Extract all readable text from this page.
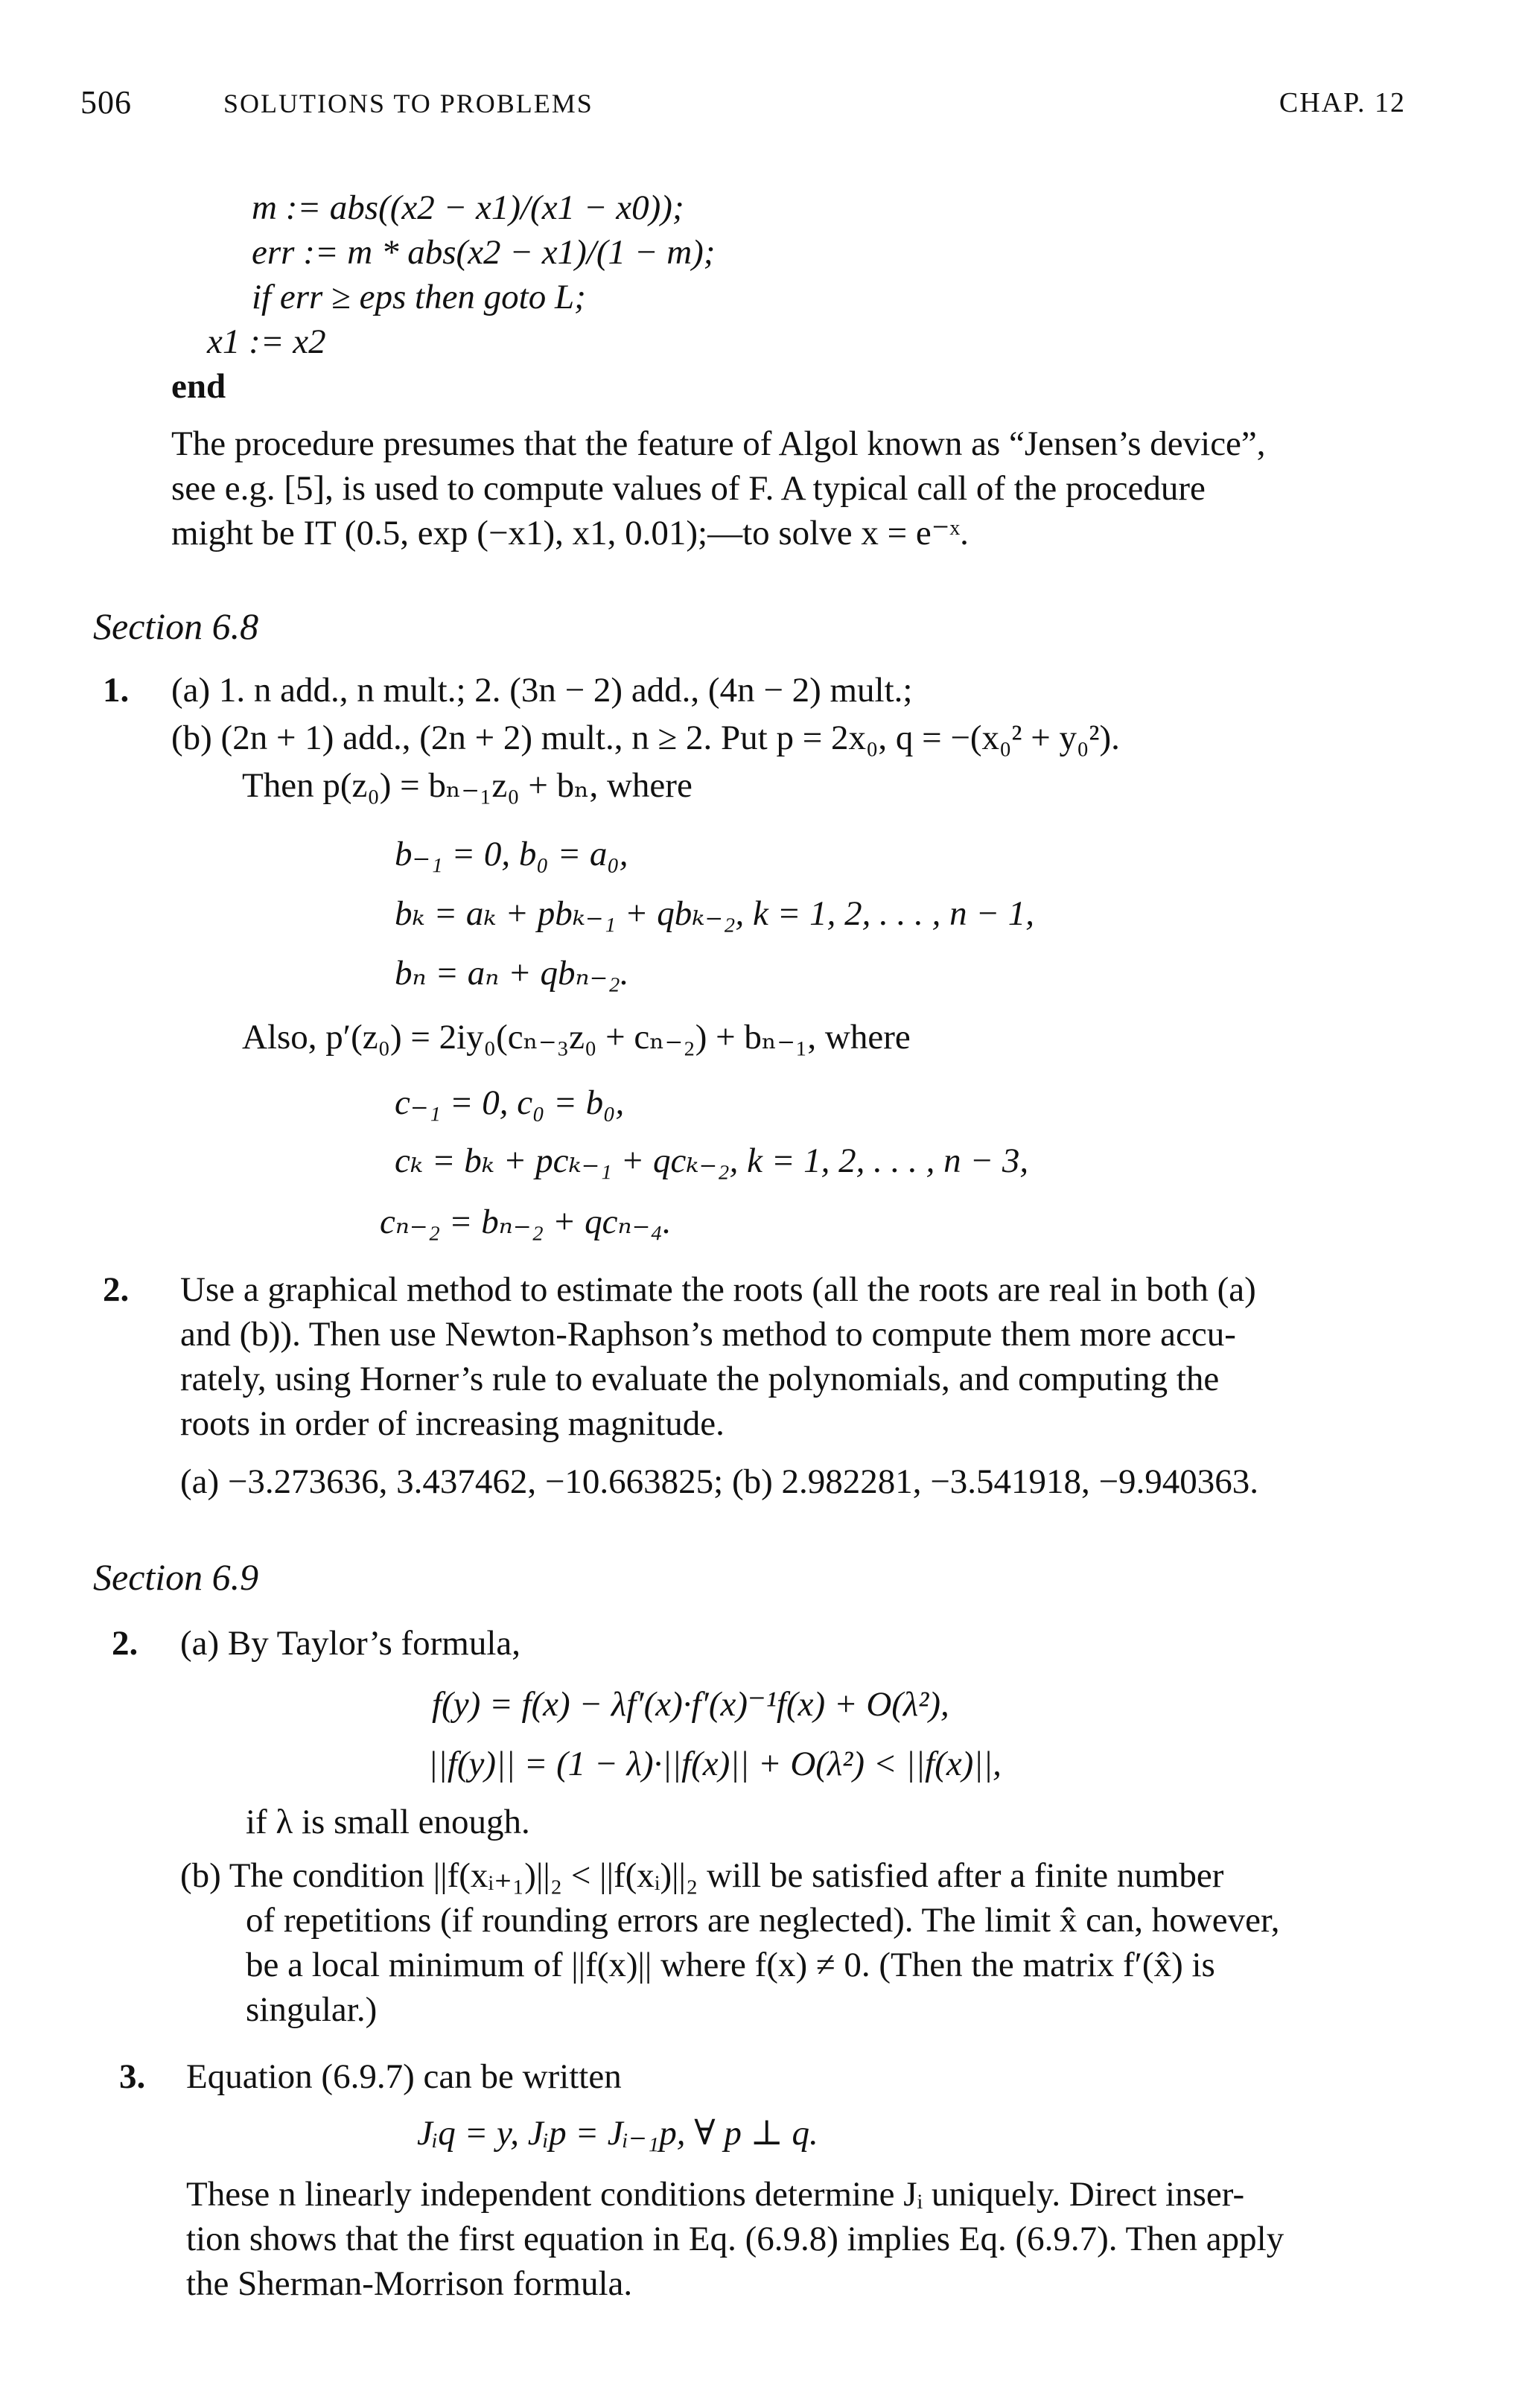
506	SOLUTIONS TO PROBLEMS	CHAP. 12
m := abs((x2 − x1)/(x1 − x0));
err := m * abs(x2 − x1)/(1 − m);
if err ≥ eps then goto L;
x1 := x2
end
The procedure presumes that the feature of Algol known as “Jensen’s device”,
see e.g. [5], is used to compute values of F. A typical call of the procedure
might be IT (0.5, exp (−x1), x1, 0.01);—to solve x = e⁻ˣ.
Section 6.8
1. (a) 1. n add., n mult.; 2. (3n − 2) add., (4n − 2) mult.;
(b) (2n + 1) add., (2n + 2) mult., n ≥ 2. Put p = 2x₀, q = −(x₀² + y₀²).
Then p(z₀) = bₙ₋₁z₀ + bₙ, where
b₋₁ = 0, b₀ = a₀,
bₖ = aₖ + pbₖ₋₁ + qbₖ₋₂, k = 1, 2, . . . , n − 1,
bₙ = aₙ + qbₙ₋₂.
Also, p′(z₀) = 2iy₀(cₙ₋₃z₀ + cₙ₋₂) + bₙ₋₁, where
c₋₁ = 0, c₀ = b₀,
cₖ = bₖ + pcₖ₋₁ + qcₖ₋₂, k = 1, 2, . . . , n − 3,
cₙ₋₂ = bₙ₋₂ + qcₙ₋₄.
2. Use a graphical method to estimate the roots (all the roots are real in both (a)
and (b)). Then use Newton-Raphson’s method to compute them more accu-
rately, using Horner’s rule to evaluate the polynomials, and computing the
roots in order of increasing magnitude.
(a) −3.273636, 3.437462, −10.663825; (b) 2.982281, −3.541918, −9.940363.
Section 6.9
2. (a) By Taylor’s formula,
f(y) = f(x) − λf′(x)·f′(x)⁻¹f(x) + O(λ²),
||f(y)|| = (1 − λ)·||f(x)|| + O(λ²) < ||f(x)||,
if λ is small enough.
(b) The condition ||f(xᵢ₊₁)||₂ < ||f(xᵢ)||₂ will be satisfied after a finite number
of repetitions (if rounding errors are neglected). The limit x̂ can, however,
be a local minimum of ||f(x)|| where f(x) ≠ 0. (Then the matrix f′(x̂) is
singular.)
3. Equation (6.9.7) can be written
Jᵢq = y, Jᵢp = Jᵢ₋₁p, ∀ p ⊥ q.
These n linearly independent conditions determine Jᵢ uniquely. Direct inser-
tion shows that the first equation in Eq. (6.9.8) implies Eq. (6.9.7). Then apply
the Sherman-Morrison formula.
